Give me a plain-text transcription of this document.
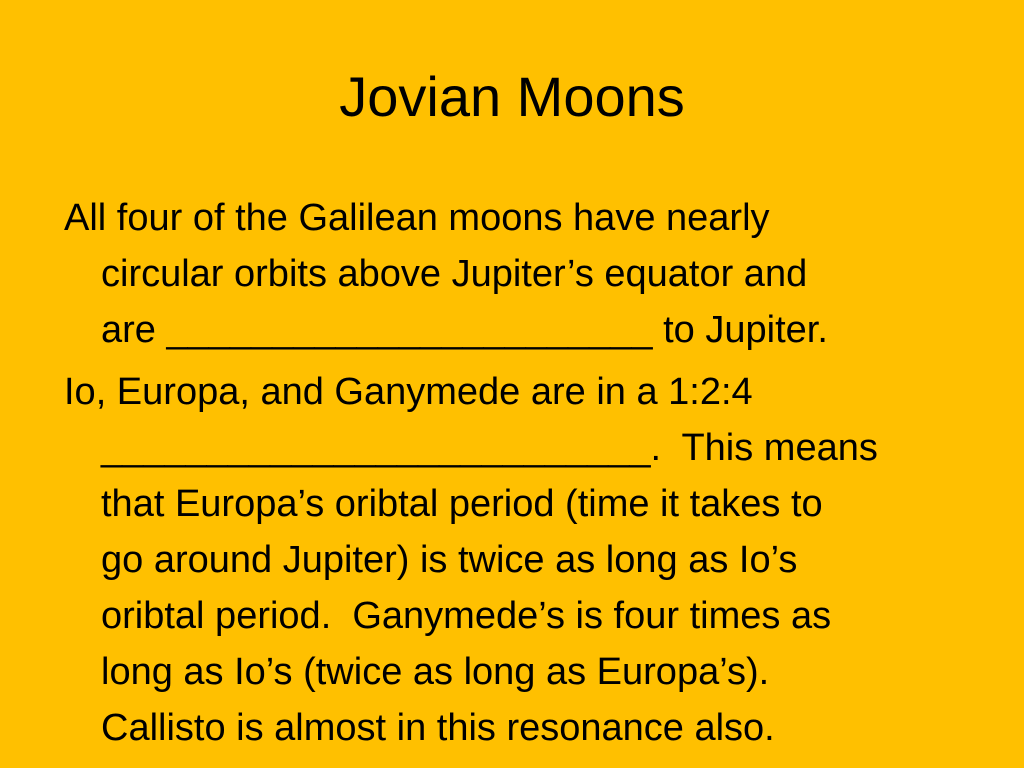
Jovian Moons
All four of the Galilean moons have nearly
circular orbits above Jupiter’s equator and
are _______________________ to Jupiter.
Io, Europa, and Ganymede are in a 1:2:4
__________________________.  This means
that Europa’s oribtal period (time it takes to
go around Jupiter) is twice as long as Io’s
oribtal period.  Ganymede’s is four times as
long as Io’s (twice as long as Europa’s).
Callisto is almost in this resonance also.
